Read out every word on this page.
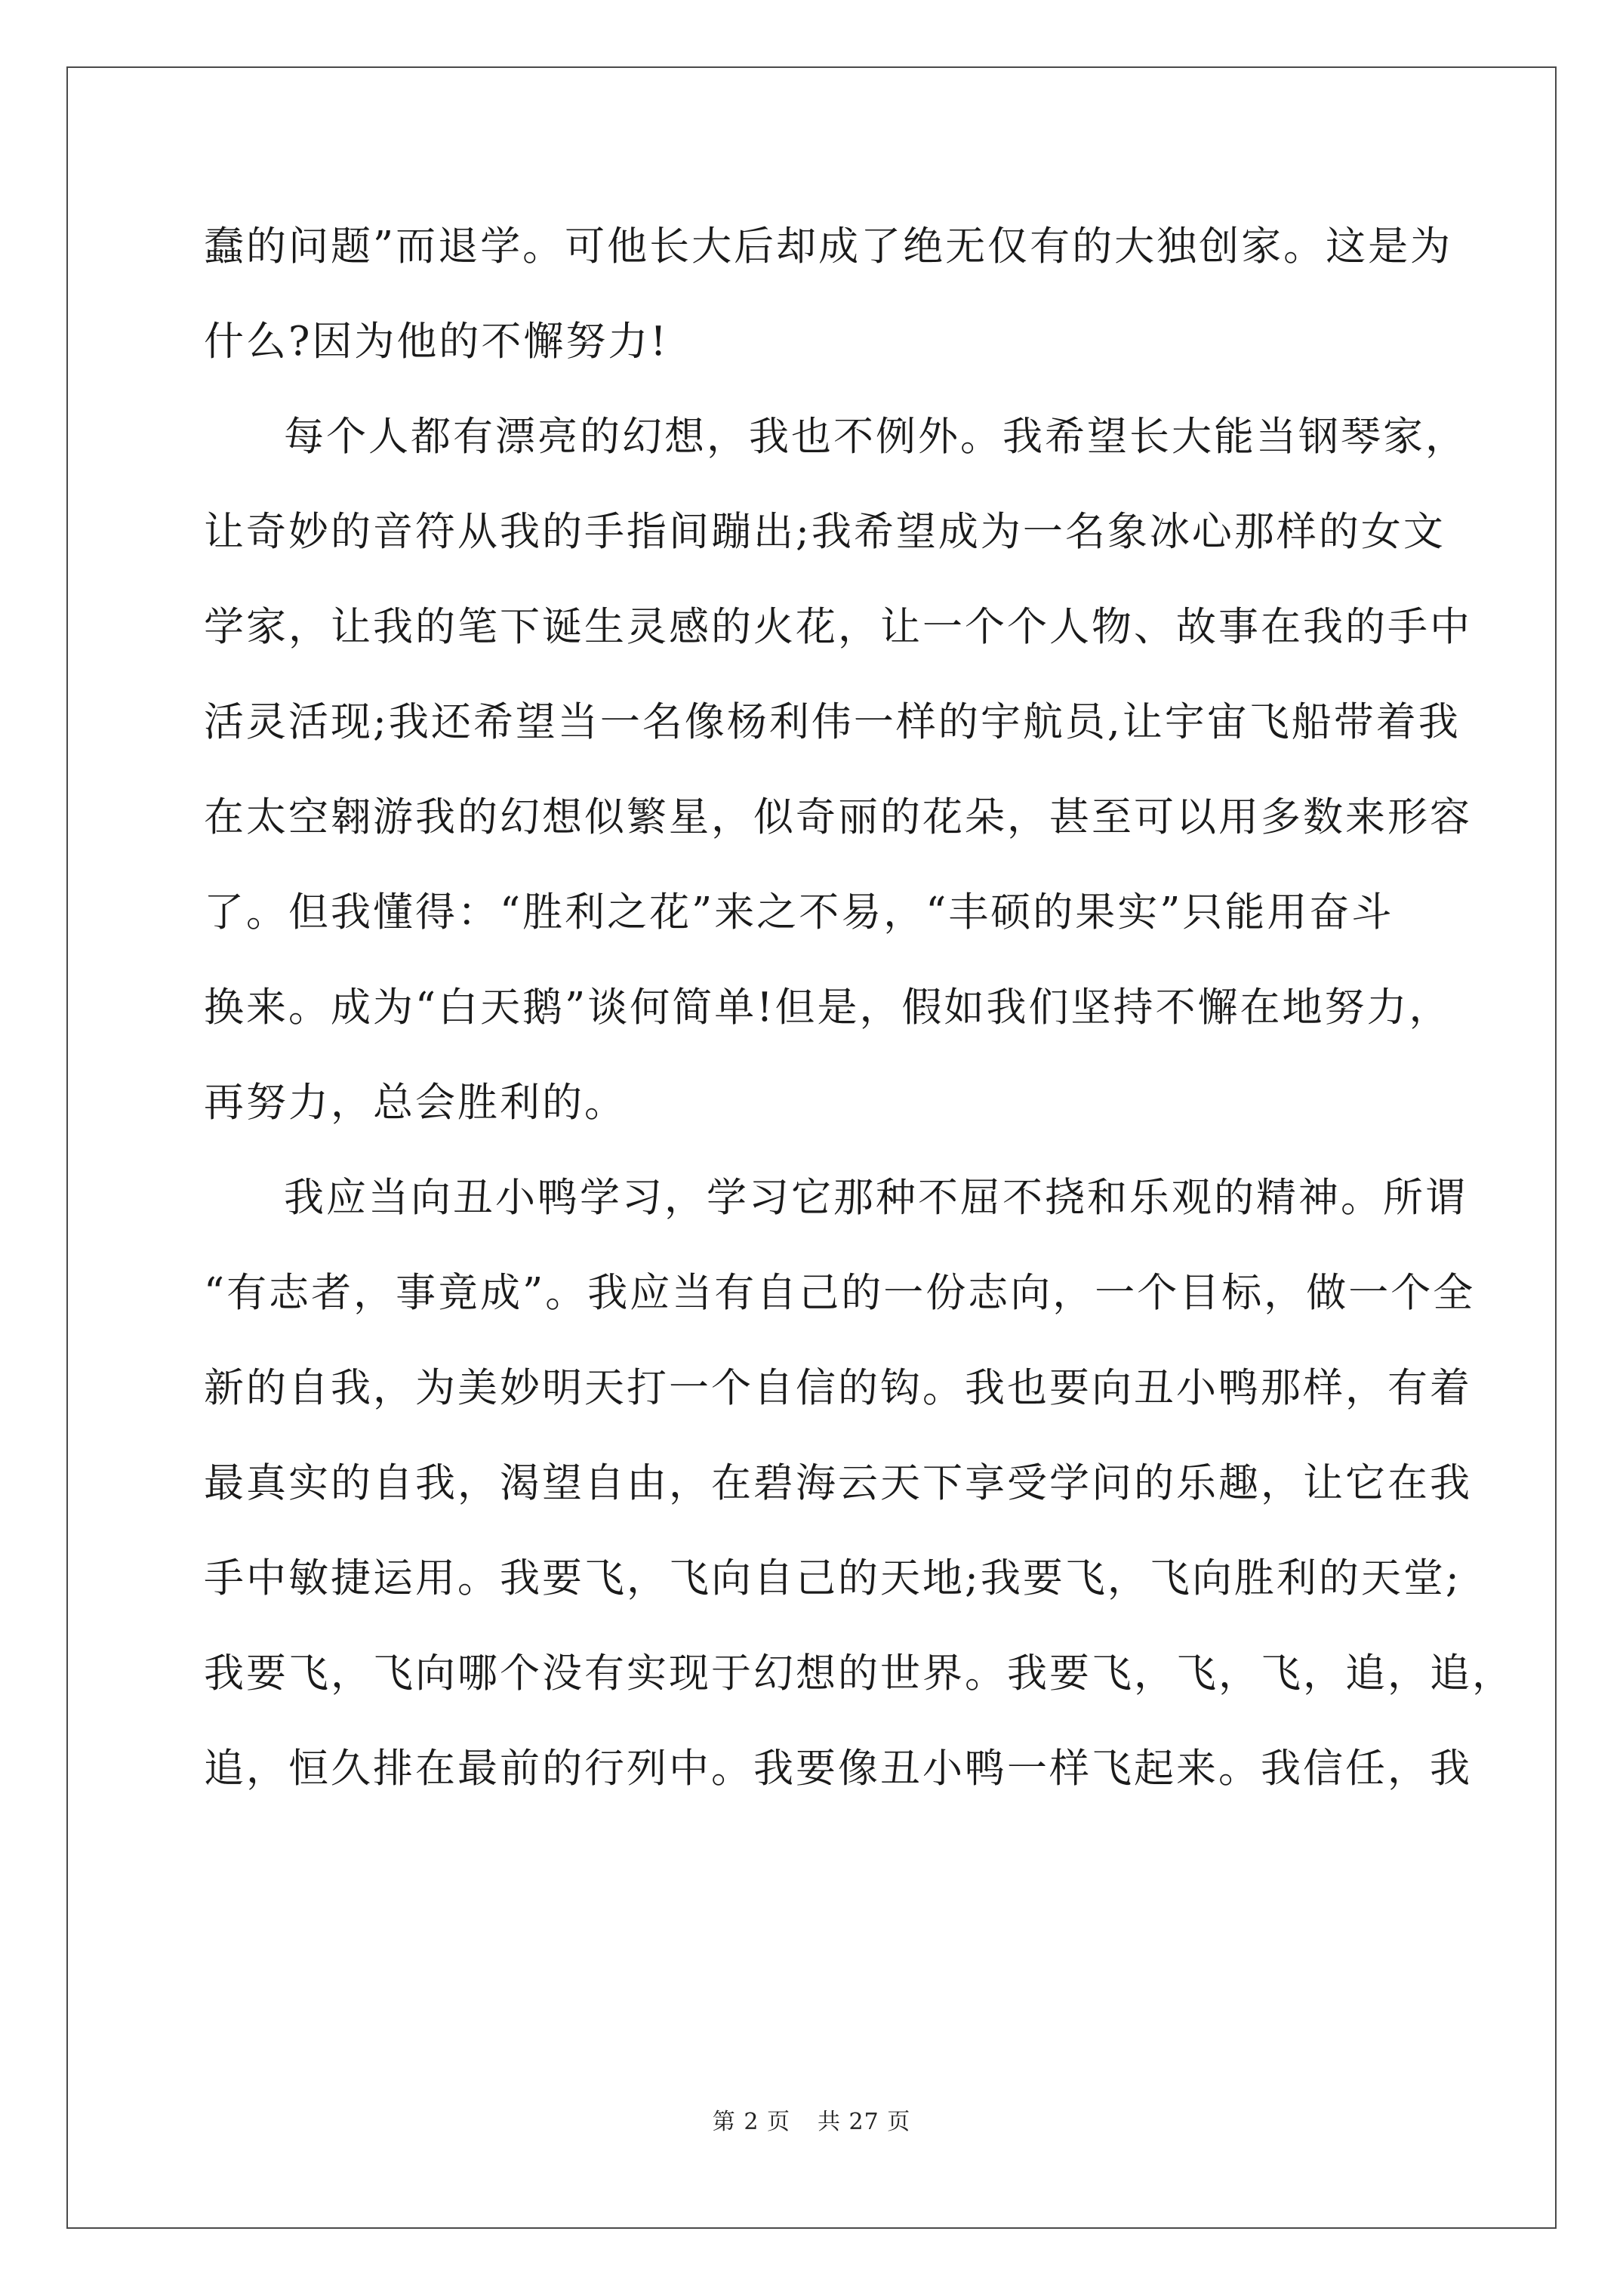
蠢的问题”而退学。可他长大后却成了绝无仅有的大独创家。这是为
什么?因为他的不懈努力!
每个人都有漂亮的幻想，我也不例外。我希望长大能当钢琴家，
让奇妙的音符从我的手指间蹦出;我希望成为一名象冰心那样的女文
学家，让我的笔下诞生灵感的火花，让一个个人物、故事在我的手中
活灵活现;我还希望当一名像杨利伟一样的宇航员,让宇宙飞船带着我
在太空翱游我的幻想似繁星，似奇丽的花朵，甚至可以用多数来形容
了。但我懂得：“胜利之花”来之不易，“丰硕的果实”只能用奋斗
换来。成为“白天鹅”谈何简单!但是，假如我们坚持不懈在地努力，
再努力，总会胜利的。
我应当向丑小鸭学习，学习它那种不屈不挠和乐观的精神。所谓
“有志者，事竟成”。我应当有自己的一份志向，一个目标，做一个全
新的自我，为美妙明天打一个自信的钩。我也要向丑小鸭那样，有着
最真实的自我，渴望自由，在碧海云天下享受学问的乐趣，让它在我
手中敏捷运用。我要飞，飞向自己的天地;我要飞，飞向胜利的天堂;
我要飞，飞向哪个没有实现于幻想的世界。我要飞，飞，飞，追，追，
追，恒久排在最前的行列中。我要像丑小鸭一样飞起来。我信任，我
第 2 页 共 27 页
